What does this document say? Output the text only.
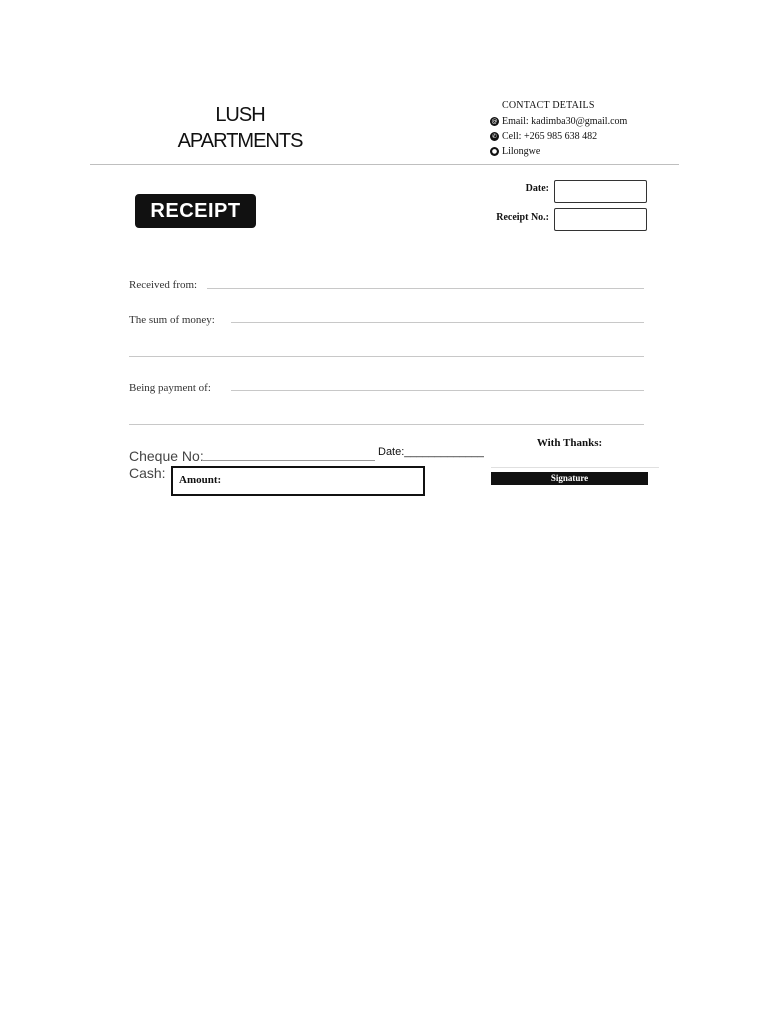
LUSH
APARTMENTS
CONTACT DETAILS
@ Email: kadimba30@gmail.com
✆ Cell: +265 985 638 482
● Lilongwe
RECEIPT
Date:
Receipt No.:
Received from:
The sum of money:
Being payment of:
Cheque No:
Cash:
Date:_____________
Amount:
With Thanks:
Signature
